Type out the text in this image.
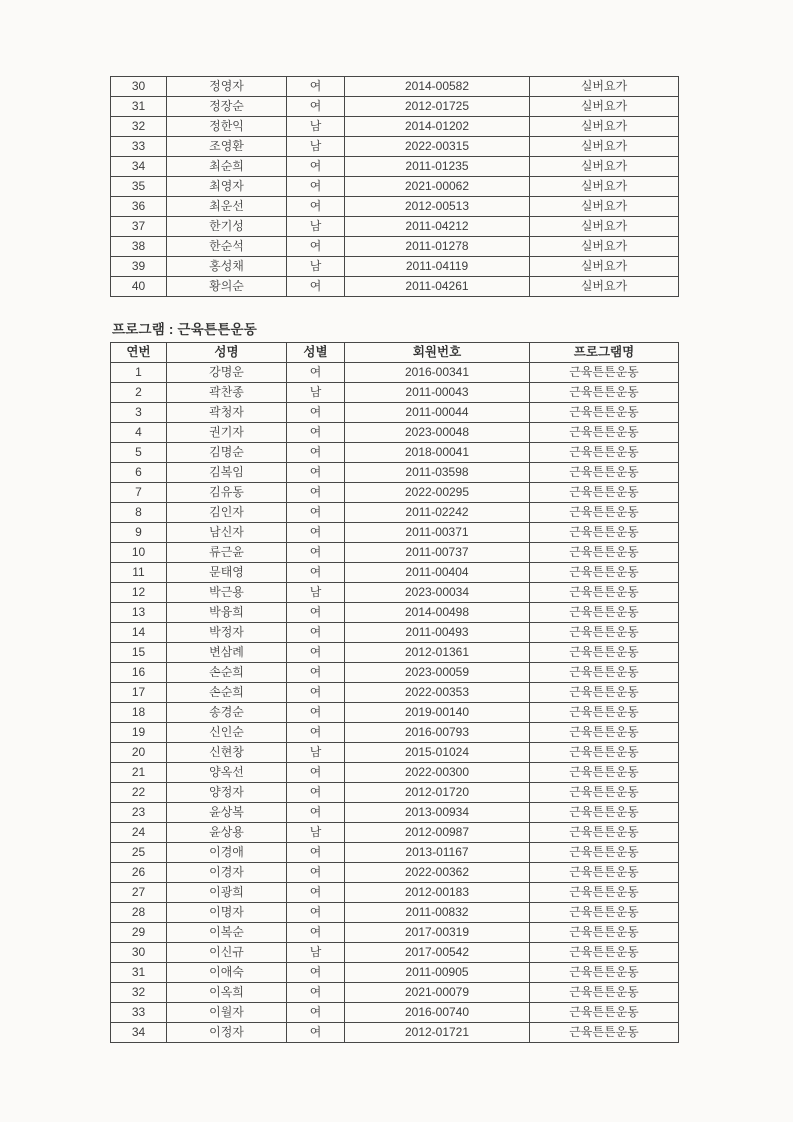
30	정영자	여	2014-00582	실버요가
31	정장순	여	2012-01725	실버요가
32	정한익	남	2014-01202	실버요가
33	조영환	남	2022-00315	실버요가
34	최순희	여	2011-01235	실버요가
35	최영자	여	2021-00062	실버요가
36	최운선	여	2012-00513	실버요가
37	한기성	남	2011-04212	실버요가
38	한순석	여	2011-01278	실버요가
39	홍성채	남	2011-04119	실버요가
40	황의순	여	2011-04261	실버요가
프로그램 : 근육튼튼운동
연번	성명	성별	회원번호	프로그램명
1	강명운	여	2016-00341	근육튼튼운동
2	곽찬종	남	2011-00043	근육튼튼운동
3	곽청자	여	2011-00044	근육튼튼운동
4	권기자	여	2023-00048	근육튼튼운동
5	김명순	여	2018-00041	근육튼튼운동
6	김복임	여	2011-03598	근육튼튼운동
7	김유동	여	2022-00295	근육튼튼운동
8	김인자	여	2011-02242	근육튼튼운동
9	남신자	여	2011-00371	근육튼튼운동
10	류근윤	여	2011-00737	근육튼튼운동
11	문태영	여	2011-00404	근육튼튼운동
12	박근용	남	2023-00034	근육튼튼운동
13	박융희	여	2014-00498	근육튼튼운동
14	박정자	여	2011-00493	근육튼튼운동
15	변삼례	여	2012-01361	근육튼튼운동
16	손순희	여	2023-00059	근육튼튼운동
17	손순희	여	2022-00353	근육튼튼운동
18	송경순	여	2019-00140	근육튼튼운동
19	신인순	여	2016-00793	근육튼튼운동
20	신현창	남	2015-01024	근육튼튼운동
21	양옥선	여	2022-00300	근육튼튼운동
22	양정자	여	2012-01720	근육튼튼운동
23	윤상복	여	2013-00934	근육튼튼운동
24	윤상용	남	2012-00987	근육튼튼운동
25	이경애	여	2013-01167	근육튼튼운동
26	이경자	여	2022-00362	근육튼튼운동
27	이광희	여	2012-00183	근육튼튼운동
28	이명자	여	2011-00832	근육튼튼운동
29	이복순	여	2017-00319	근육튼튼운동
30	이신규	남	2017-00542	근육튼튼운동
31	이애숙	여	2011-00905	근육튼튼운동
32	이옥희	여	2021-00079	근육튼튼운동
33	이월자	여	2016-00740	근육튼튼운동
34	이정자	여	2012-01721	근육튼튼운동
